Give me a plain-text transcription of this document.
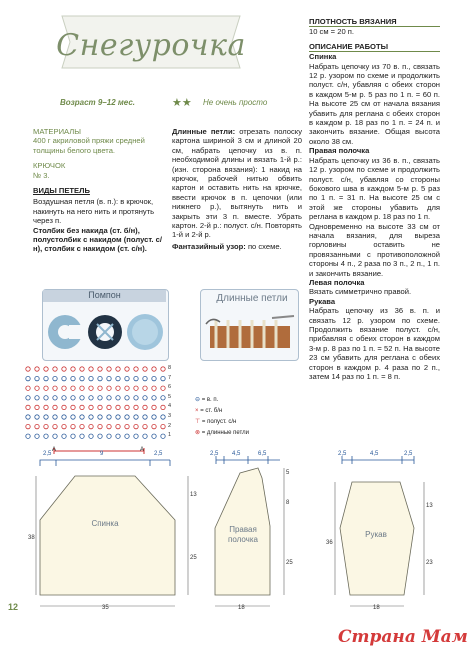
Снегурочка
Возраст 9–12 мес.	★★ Не очень просто
МАТЕРИАЛЫ
400 г акриловой пряжи средней толщины белого цвета.
КРЮЧОК
№ 3.
ВИДЫ ПЕТЕЛЬ
Воздушная петля (в. п.): в крючок, накинуть на него нить и протянуть через п.
Столбик без накида (ст. б/н), полустолбик с накидом (полуст. с/н), столбик с накидом (ст. с/н).
Длинные петли: отрезать полоску картона шириной 3 см и длиной 20 см, набрать цепочку из в. п. необходимой длины и вязать 1-й р.: (изн. сторона вязания): 1 накид на крючок, рабочей нитью обвить картон и оставить нить на крючке, ввести крючок в п. цепочки (или нижнего р.), вытянуть нить и закрыть эти 3 п. вместе. Убрать картон. 2-й р.: полуст. с/н. Повторять 1-й и 2-й р.
Фантазийный узор: по схеме.
ПЛОТНОСТЬ ВЯЗАНИЯ
10 см = 20 п.
ОПИСАНИЕ РАБОТЫ
Спинка
Набрать цепочку из 70 в. п., связать 12 р. узором по схеме и продолжить полуст. с/н, убавляя с обеих сторон в каждом 5-м р. 5 раз по 1 п. = 60 п. На высоте 25 см от начала вязания убавить для реглана с обеих сторон в каждом р. 18 раз по 1 п. = 24 п. и закончить вязание. Общая высота около 38 см.
Правая полочка
Набрать цепочку из 36 в. п., связать 12 р. узором по схеме и продолжить полуст. с/н, убавляя со стороны бокового шва в каждом 5-м р. 5 раз по 1 п. = 31 п. На высоте 25 см с этой же стороны убавить для реглана в каждом р. 18 раз по 1 п.
Одновременно на высоте 33 см от начала вязания, для выреза горловины оставить не провязанными с противоположной стороны 4 п., 2 раза по 3 п., 2 п., 1 п. и закончить вязание.
Левая полочка
Вязать симметрично правой.
Рукава
Набрать цепочку из 36 в. п. и связать 12 р. узором по схеме. Продолжить вязание полуст. с/н, прибавляя с обеих сторон в каждом 3-м р. 8 раз по 1 п. = 52 п. На высоте 23 см убавить для реглана с обеих сторон в каждом р. 4 раза по 2 п., затем 14 раз по 1 п. = 8 п.
Помпон	Длинные петли
8
7
6
5
4
3
2
1
A	A
⊖ = в. п.
× = ст. б/н
⊤ = полуст. с/н
⊗ = длинные петли
Спинка
Правая полочка
Рукав
2,5	9	2,5
38
13
25
35
2,5 4,5	6,5
5
8
25
18
2,5	4,5	2,5
36
13
23
18
12
Страна Мам
